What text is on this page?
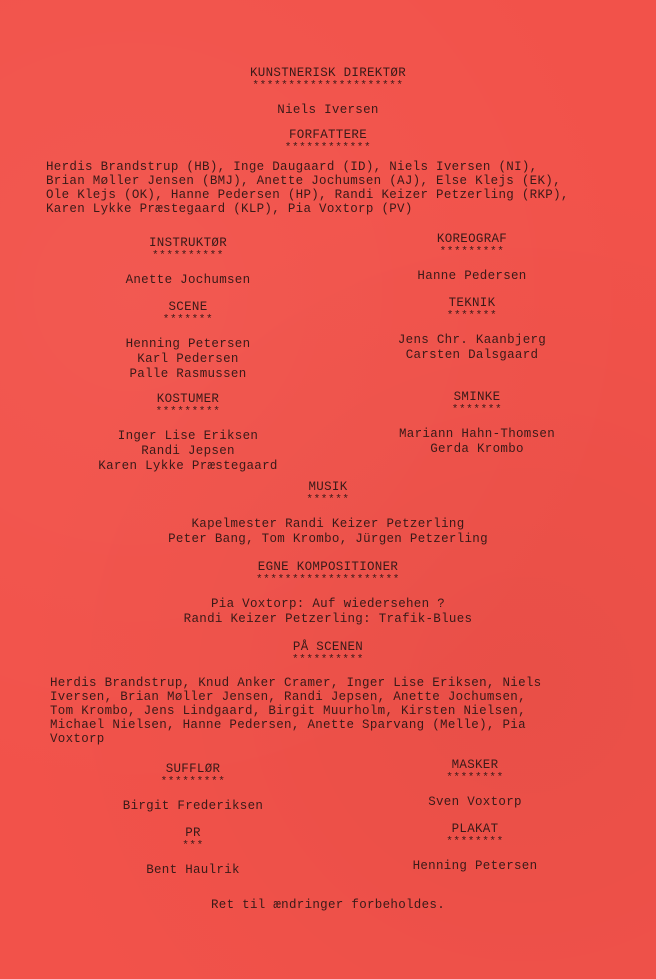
KUNSTNERISK DIREKTØR
*********************
Niels Iversen
FORFATTERE
************
Herdis Brandstrup (HB), Inge Daugaard (ID), Niels Iversen (NI),
Brian Møller Jensen (BMJ), Anette Jochumsen (AJ), Else Klejs (EK),
Ole Klejs (OK), Hanne Pedersen (HP), Randi Keizer Petzerling (RKP),
Karen Lykke Præstegaard (KLP), Pia Voxtorp (PV)
INSTRUKTØR
**********
Anette Jochumsen
KOREOGRAF
*********
Hanne Pedersen
SCENE
*******
Henning Petersen
Karl Pedersen
Palle Rasmussen
TEKNIK
*******
Jens Chr. Kaanbjerg
Carsten Dalsgaard
KOSTUMER
*********
Inger Lise Eriksen
Randi Jepsen
Karen Lykke Præstegaard
SMINKE
*******
Mariann Hahn-Thomsen
Gerda Krombo
MUSIK
******
Kapelmester Randi Keizer Petzerling
Peter Bang, Tom Krombo, Jürgen Petzerling
EGNE KOMPOSITIONER
********************
Pia Voxtorp: Auf wiedersehen ?
Randi Keizer Petzerling: Trafik-Blues
PÅ SCENEN
**********
Herdis Brandstrup, Knud Anker Cramer, Inger Lise Eriksen, Niels
Iversen, Brian Møller Jensen, Randi Jepsen, Anette Jochumsen,
Tom Krombo, Jens Lindgaard, Birgit Muurholm, Kirsten Nielsen,
Michael Nielsen, Hanne Pedersen, Anette Sparvang (Melle), Pia
Voxtorp
SUFFLØR
*********
Birgit Frederiksen
MASKER
********
Sven Voxtorp
PR
***
Bent Haulrik
PLAKAT
********
Henning Petersen
Ret til ændringer forbeholdes.
